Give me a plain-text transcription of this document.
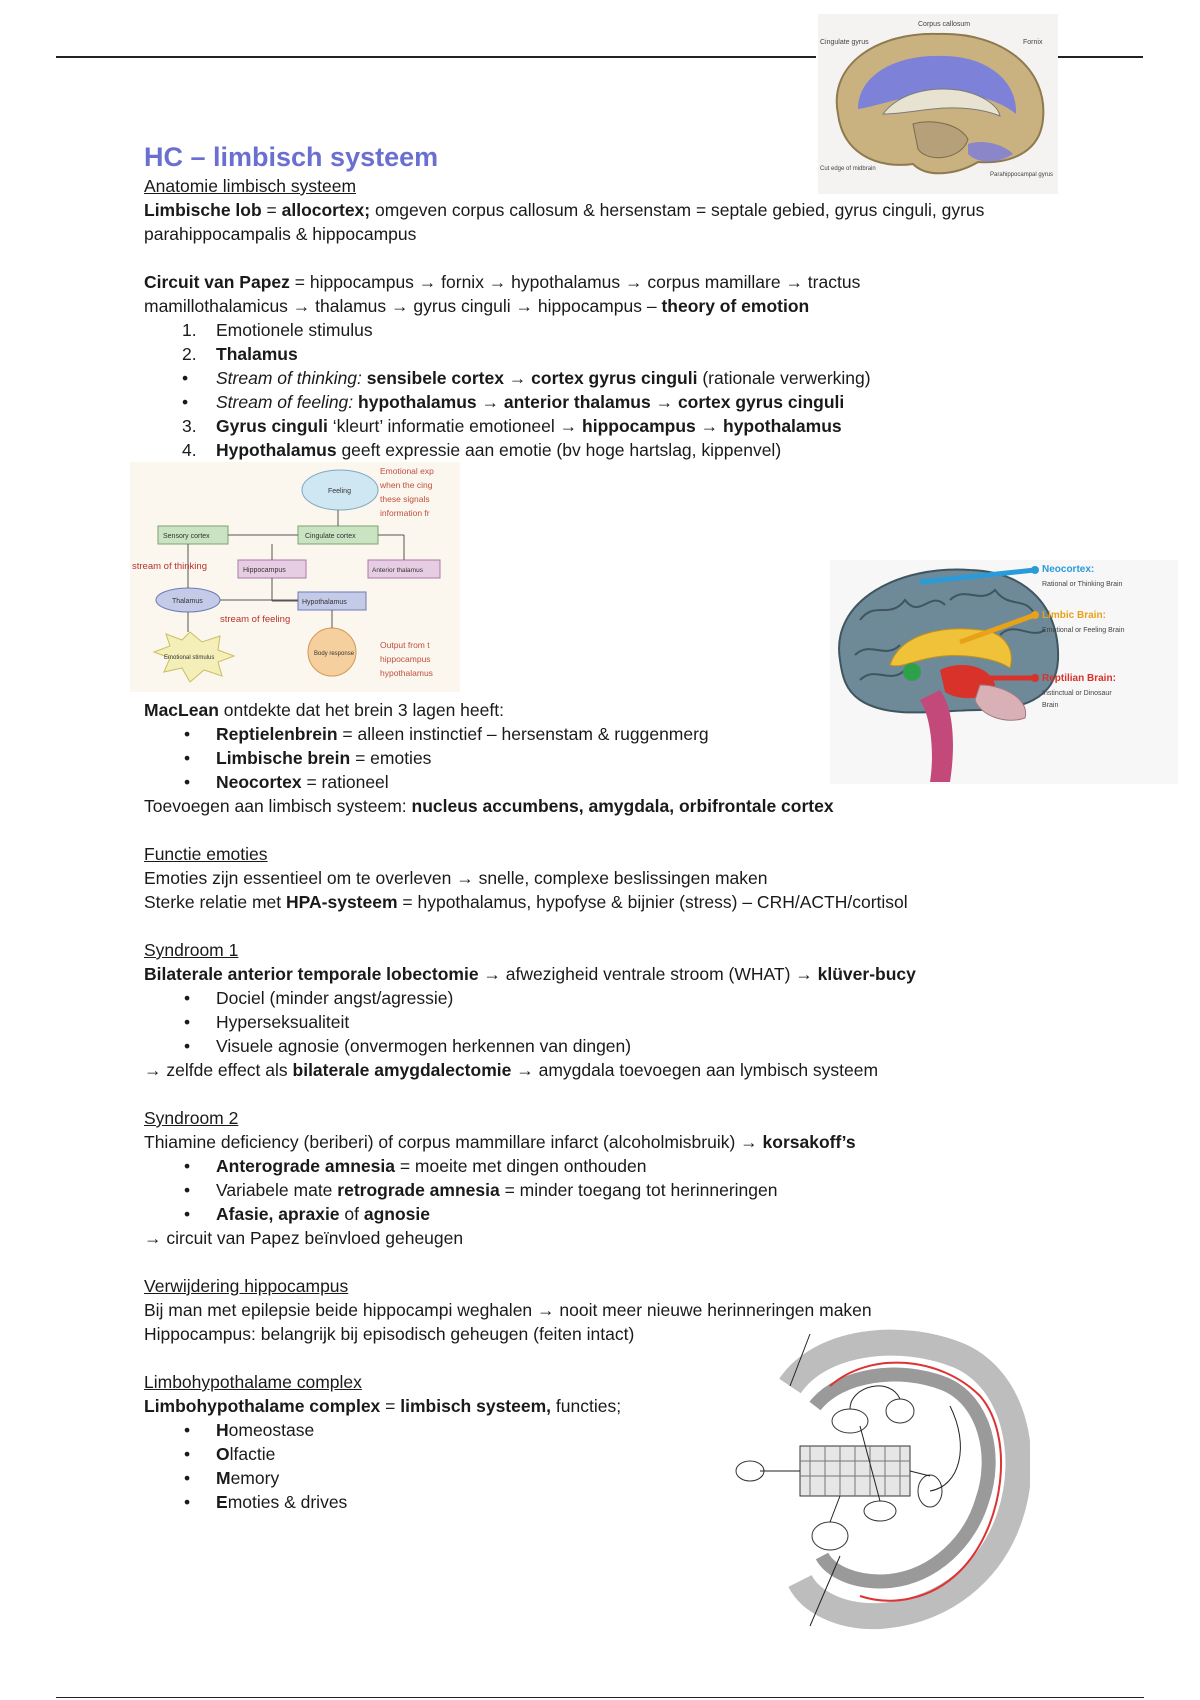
Corpus callosum
Cingulate gyrus	Fornix
Cut edge of midbrain
Parahippocampal gyrus
Feeling
Sensory cortex	Cingulate cortex
Hippocampus	Anterior thalamus
Thalamus	Hypothalamus
Emotional stimulus
Body response
stream of thinking
stream of feeling
Emotional exp
when the cing
these signals
information fr
Output from t
hippocampus
hypothalamus
Neocortex:
Rational or Thinking Brain
Limbic Brain:
Emotional or Feeling Brain
Reptilian Brain:
Instinctual or Dinosaur
Brain
HC – limbisch systeem

Anatomie limbisch systeem

Limbische lob = allocortex; omgeven corpus callosum & hersenstam = septale gebied, gyrus cinguli, gyrus parahippocampalis & hippocampus

Circuit van Papez = hippocampus → fornix → hypothalamus → corpus mamillare → tractus mamillothalamicus → thalamus → gyrus cinguli → hippocampus – theory of emotion

1. Emotionele stimulus
2. Thalamus
• Stream of thinking: sensibele cortex → cortex gyrus cinguli (rationale verwerking)
• Stream of feeling: hypothalamus → anterior thalamus → cortex gyrus cinguli
3. Gyrus cinguli ‘kleurt’ informatie emotioneel → hippocampus → hypothalamus
4. Hypothalamus geeft expressie aan emotie (bv hoge hartslag, kippenvel)

MacLean ontdekte dat het brein 3 lagen heeft:

• Reptielenbrein = alleen instinctief – hersenstam & ruggenmerg
• Limbische brein = emoties
• Neocortex = rationeel

Toevoegen aan limbisch systeem: nucleus accumbens, amygdala, orbifrontale cortex

Functie emoties

Emoties zijn essentieel om te overleven → snelle, complexe beslissingen maken

Sterke relatie met HPA-systeem = hypothalamus, hypofyse & bijnier (stress) – CRH/ACTH/cortisol

Syndroom 1

Bilaterale anterior temporale lobectomie → afwezigheid ventrale stroom (WHAT) → klüver-bucy

• Dociel (minder angst/agressie)
• Hyperseksualiteit
• Visuele agnosie (onvermogen herkennen van dingen)

→ zelfde effect als bilaterale amygdalectomie → amygdala toevoegen aan lymbisch systeem

Syndroom 2

Thiamine deficiency (beriberi) of corpus mammillare infarct (alcoholmisbruik) → korsakoff’s

• Anterograde amnesia = moeite met dingen onthouden
• Variabele mate retrograde amnesia = minder toegang tot herinneringen
• Afasie, apraxie of agnosie

→ circuit van Papez beïnvloed geheugen

Verwijdering hippocampus

Bij man met epilepsie beide hippocampi weghalen → nooit meer nieuwe herinneringen maken

Hippocampus: belangrijk bij episodisch geheugen (feiten intact)

Limbohypothalame complex

Limbohypothalame complex = limbisch systeem, functies;

• Homeostase
• Olfactie
• Memory
• Emoties & drives
